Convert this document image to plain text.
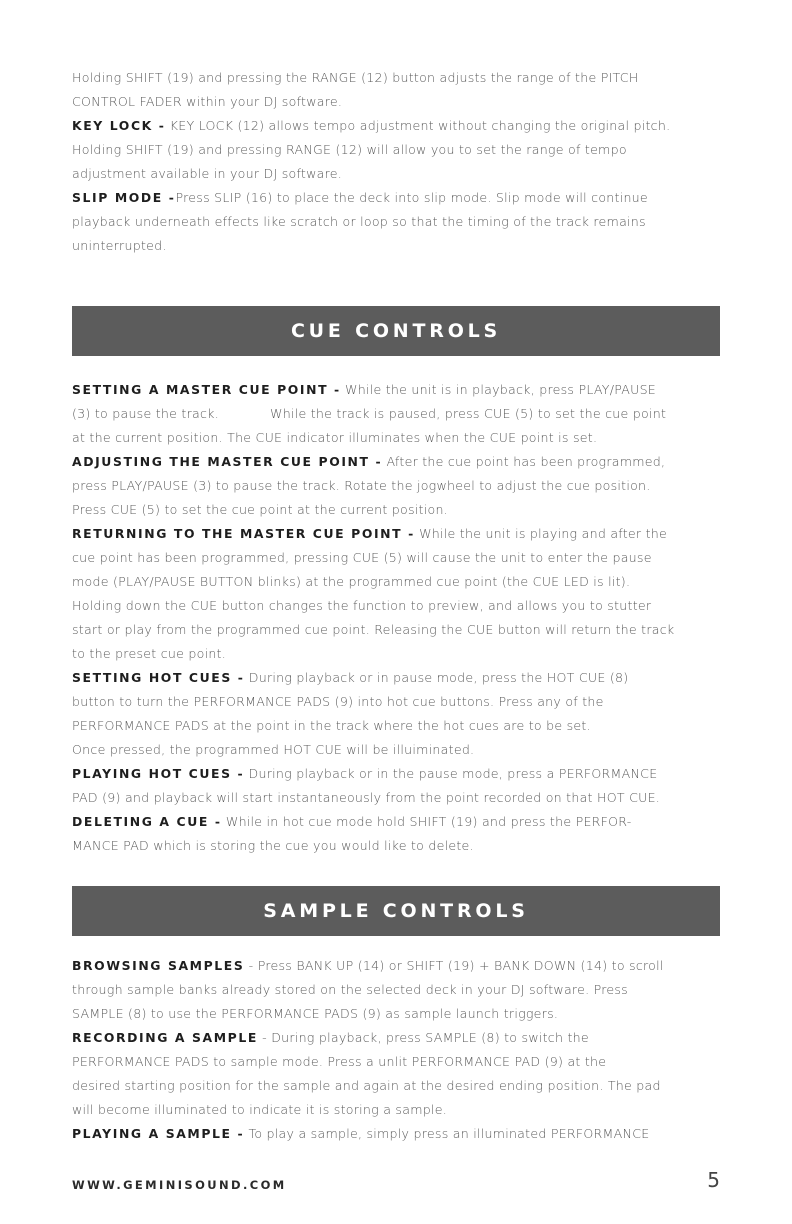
Holding SHIFT (19) and pressing the RANGE (12) button adjusts the range of the PITCH
CONTROL FADER within your DJ software.
KEY LOCK - KEY LOCK (12) allows tempo adjustment without changing the original pitch.
Holding SHIFT (19) and pressing RANGE (12) will allow you to set the range of tempo
adjustment available in your DJ software.
SLIP MODE -Press SLIP (16) to place the deck into slip mode. Slip mode will continue
playback underneath effects like scratch or loop so that the timing of the track remains
uninterrupted.
CUE CONTROLS
SETTING A MASTER CUE POINT - While the unit is in playback, press PLAY/PAUSE
(3) to pause the track.            While the track is paused, press CUE (5) to set the cue point
at the current position. The CUE indicator illuminates when the CUE point is set.
ADJUSTING THE MASTER CUE POINT - After the cue point has been programmed,
press PLAY/PAUSE (3) to pause the track. Rotate the jogwheel to adjust the cue position.
Press CUE (5) to set the cue point at the current position.
RETURNING TO THE MASTER CUE POINT - While the unit is playing and after the
cue point has been programmed, pressing CUE (5) will cause the unit to enter the pause
mode (PLAY/PAUSE BUTTON blinks) at the programmed cue point (the CUE LED is lit).
Holding down the CUE button changes the function to preview, and allows you to stutter
start or play from the programmed cue point. Releasing the CUE button will return the track
to the preset cue point.
SETTING HOT CUES - During playback or in pause mode, press the HOT CUE (8)
button to turn the PERFORMANCE PADS (9) into hot cue buttons. Press any of the
PERFORMANCE PADS at the point in the track where the hot cues are to be set.
Once pressed, the programmed HOT CUE will be illuiminated.
PLAYING HOT CUES - During playback or in the pause mode, press a PERFORMANCE
PAD (9) and playback will start instantaneously from the point recorded on that HOT CUE.
DELETING A CUE - While in hot cue mode hold SHIFT (19) and press the PERFOR-
MANCE PAD which is storing the cue you would like to delete.
SAMPLE CONTROLS
BROWSING SAMPLES - Press BANK UP (14) or SHIFT (19) + BANK DOWN (14) to scroll
through sample banks already stored on the selected deck in your DJ software. Press
SAMPLE (8) to use the PERFORMANCE PADS (9) as sample launch triggers.
RECORDING A SAMPLE - During playback, press SAMPLE (8) to switch the
PERFORMANCE PADS to sample mode. Press a unlit PERFORMANCE PAD (9) at the
desired starting position for the sample and again at the desired ending position. The pad
will become illuminated to indicate it is storing a sample.
PLAYING A SAMPLE - To play a sample, simply press an illuminated PERFORMANCE
WWW.GEMINISOUND.COM	5
